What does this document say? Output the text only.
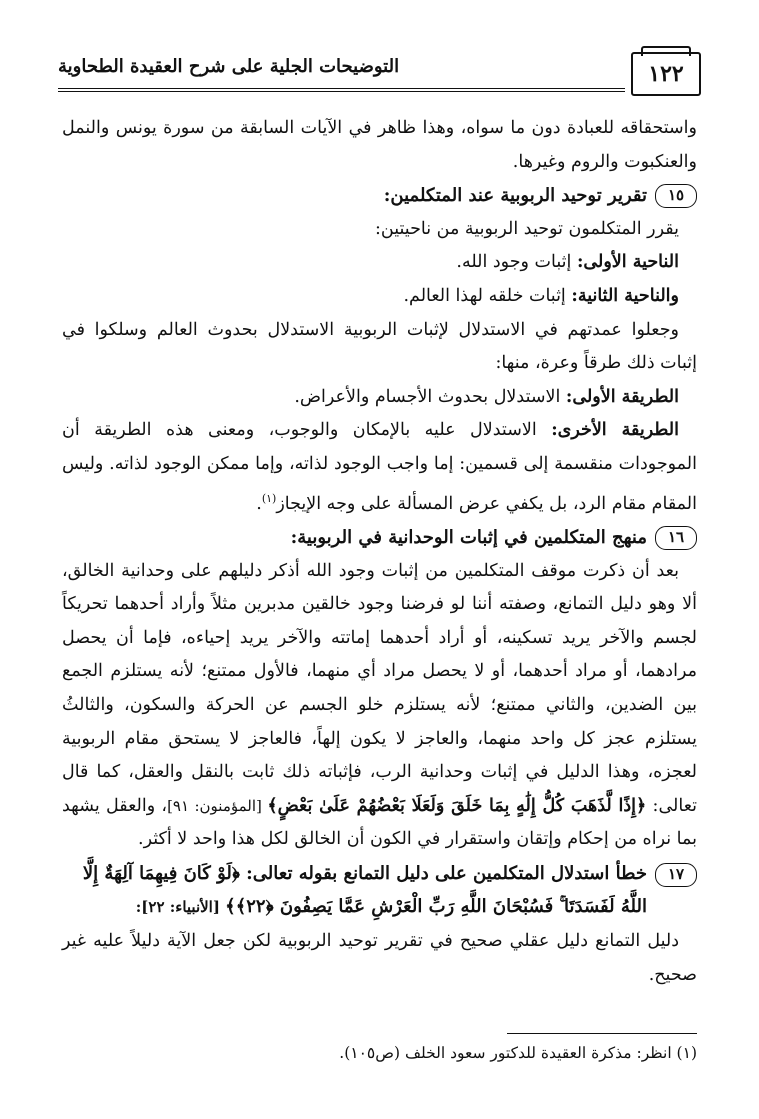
١٢٢
التوضيحات الجلية على شرح العقيدة الطحاوية

واستحقاقه للعبادة دون ما سواه، وهذا ظاهر في الآيات السابقة من سورة يونس والنمل والعنكبوت والروم وغيرها.

١٥
تقرير توحيد الربوبية عند المتكلمين:

يقرر المتكلمون توحيد الربوبية من ناحيتين:

الناحية الأولى: إثبات وجود الله.

والناحية الثانية: إثبات خلقه لهذا العالم.

وجعلوا عمدتهم في الاستدلال لإثبات الربوبية الاستدلال بحدوث العالم وسلكوا في إثبات ذلك طرقاً وعرة، منها:

الطريقة الأولى: الاستدلال بحدوث الأجسام والأعراض.

الطريقة الأخرى: الاستدلال عليه بالإمكان والوجوب، ومعنى هذه الطريقة أن الموجودات منقسمة إلى قسمين: إما واجب الوجود لذاته، وإما ممكن الوجود لذاته. وليس المقام مقام الرد، بل يكفي عرض المسألة على وجه الإيجاز$^{(١)}$.

١٦
منهج المتكلمين في إثبات الوحدانية في الربوبية:

بعد أن ذكرت موقف المتكلمين من إثبات وجود الله أذكر دليلهم على وحدانية الخالق، ألا وهو دليل التمانع، وصفته أننا لو فرضنا وجود خالقين مدبرين مثلاً وأراد أحدهما تحريكاً لجسم والآخر يريد تسكينه، أو أراد أحدهما إماتته والآخر يريد إحياءه، فإما أن يحصل مرادهما، أو مراد أحدهما، أو لا يحصل مراد أي منهما، فالأول ممتنع؛ لأنه يستلزم الجمع بين الضدين، والثاني ممتنع؛ لأنه يستلزم خلو الجسم عن الحركة والسكون، والثالثُ يستلزم عجز كل واحد منهما، والعاجز لا يكون إلهاً، فالعاجز لا يستحق مقام الربوبية لعجزه، وهذا الدليل في إثبات وحدانية الرب، فإثباته ذلك ثابت بالنقل والعقل، كما قال تعالى: ﴿إِذًا لَّذَهَبَ كُلُّ إِلَٰهٍ بِمَا خَلَقَ وَلَعَلَا بَعْضُهُمْ عَلَىٰ بَعْضٍ﴾ [المؤمنون: ٩١]، والعقل يشهد بما نراه من إحكام وإتقان واستقرار في الكون أن الخالق لكل هذا واحد لا أكثر.

١٧
خطأ استدلال المتكلمين على دليل التمانع بقوله تعالى: ﴿لَوْ كَانَ فِيهِمَا آلِهَةٌ إِلَّا اللَّهُ لَفَسَدَتَا ۚ فَسُبْحَانَ اللَّهِ رَبِّ الْعَرْشِ عَمَّا يَصِفُونَ ﴿٢٢﴾﴾ [الأنبياء: ٢٢]:

دليل التمانع دليل عقلي صحيح في تقرير توحيد الربوبية لكن جعل الآية دليلاً عليه غير صحيح.

(١) انظر: مذكرة العقيدة للدكتور سعود الخلف (ص١٠٥).
